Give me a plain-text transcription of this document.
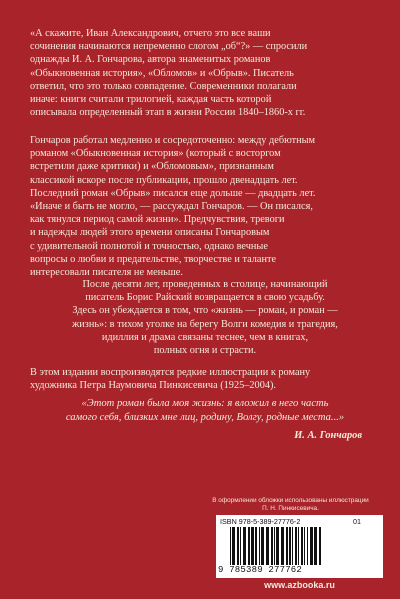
«А скажите, Иван Александрович, отчего это все ваши
сочинения начинаются непременно слогом „об“?» — спросили
однажды И. А. Гончарова, автора знаменитых романов
«Обыкновенная история», «Обломов» и «Обрыв». Писатель
ответил, что это только совпадение. Современники полагали
иначе: книги считали трилогией, каждая часть которой
описывала определенный этап в жизни России 1840–1860-х гг.

Гончаров работал медленно и сосредоточенно: между дебютным
романом «Обыкновенная история» (который с восторгом
встретили даже критики) и «Обломовым», признанным
классикой вскоре после публикации, прошло двенадцать лет.
Последний роман «Обрыв» писался еще дольше — двадцать лет.
«Иначе и быть не могло, — рассуждал Гончаров. — Он писался,
как тянулся период самой жизни». Предчувствия, тревоги
и надежды людей этого времени описаны Гончаровым
с удивительной полнотой и точностью, однако вечные
вопросы о любви и предательстве, творчестве и таланте
интересовали писателя не меньше.

После десяти лет, проведенных в столице, начинающий
писатель Борис Райский возвращается в свою усадьбу.
Здесь он убеждается в том, что «жизнь — роман, и роман —
жизнь»: в тихом уголке на берегу Волги комедия и трагедия,
идиллия и драма связаны теснее, чем в книгах,
полных огня и страсти.

В этом издании воспроизводятся редкие иллюстрации к роману
художника Петра Наумовича Пинкисевича (1925–2004).

«Этот роман была моя жизнь: я вложил в него часть
самого себя, близких мне лиц, родину, Волгу, родные места...»

И. А. Гончаров

В оформлении обложки использованы иллюстрации
П. Н. Пинкисевича.

ISBN 978-5-389-27776-2	01

9 785389 277762

www.azbooka.ru
